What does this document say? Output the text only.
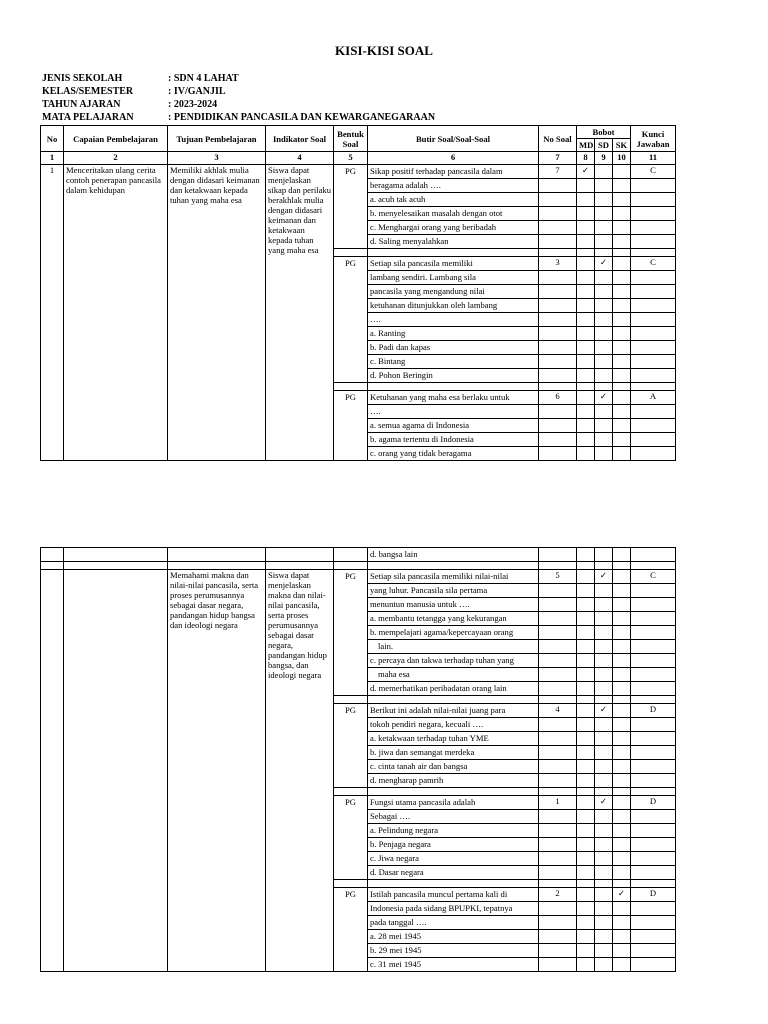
KISI-KISI SOAL
JENIS SEKOLAH	: SDN 4 LAHAT
KELAS/SEMESTER	: IV/GANJIL
TAHUN AJARAN	: 2023-2024
MATA PELAJARAN	: PENDIDIKAN PANCASILA DAN KEWARGANEGARAAN
No	Capaian Pembelajaran	Tujuan Pembelajaran	Indikator Soal	Bentuk Soal	Butir Soal/Soal-Soal	No Soal	Bobot			Kunci Jawaban
							MD	SD	SK	
1	2	3	4	5	6	7	8	9	10	11
1	Menceritakan ulang cerita contoh penerapan pancasila dalam kehidupan	Memiliki akhlak mulia dengan didasari keimanan dan ketakwaan kepada tuhan yang maha esa	Siswa dapat menjelaskan sikap dan perilaku berakhlak mulia dengan didasari keimanan dan ketakwaan kepada tuhan yang maha esa	PG	Sikap positif terhadap pancasila dalam	7	✓			C
					beragama adalah ….					
					a. acuh tak acuh					
					b. menyelesaikan masalah dengan otot					
					c. Menghargai orang yang beribadah					
					d. Saling menyalahkan					

				PG	Setiap sila pancasila memiliki	3		✓		C
					lambang sendiri. Lambang sila					
					pancasila yang mengandung nilai					
					ketuhanan ditunjukkan oleh lambang					
					….					
					a. Ranting					
					b. Padi dan kapas					
					c. Bintang					
					d. Pohon Beringin					

				PG	Ketuhanan yang maha esa berlaku untuk	6		✓		A
					….					
					a. semua agama di Indonesia					
					b. agama tertentu di Indonesia					
					c. orang yang tidak beragama					
					d. bangsa lain					

		Memahami makna dan nilai-nilai pancasila, serta proses perumusannya sebagai dasar negara, pandangan hidup bangsa dan ideologi negara	Siswa dapat menjelaskan makna dan nilai-nilai pancasila, serta proses perumusannya sebagai dasar negara, pandangan hidup bangsa, dan ideologi negara	PG	Setiap sila pancasila memiliki nilai-nilai	5		✓		C
					yang luhur. Pancasila sila pertama					
					menuntun manusia untuk ….					
					a. membantu tetangga yang kekurangan					
					b. mempelajari agama/kepercayaan orang					
					lain.					
					c. percaya dan takwa terhadap tuhan yang					
					maha esa					
					d. memerhatikan peribadatan orang lain					

				PG	Berikut ini adalah nilai-nilai juang para	4		✓		D
					tokoh pendiri negara, kecuali ….					
					a. ketakwaan terhadap tuhan YME					
					b. jiwa dan semangat merdeka					
					c. cinta tanah air dan bangsa					
					d. mengharap pamrih					

				PG	Fungsi utama pancasila adalah	1		✓		D
					Sebagai ….					
					a. Pelindung negara					
					b. Penjaga negara					
					c. Jiwa negara					
					d. Dasar negara					

				PG	Istilah pancasila muncul pertama kali di	2			✓	D
					Indonesia pada sidang BPUPKI, tepatnya					
					pada tanggal ….					
					a. 28 mei 1945					
					b. 29 mei 1945					
					c. 31 mei 1945					
